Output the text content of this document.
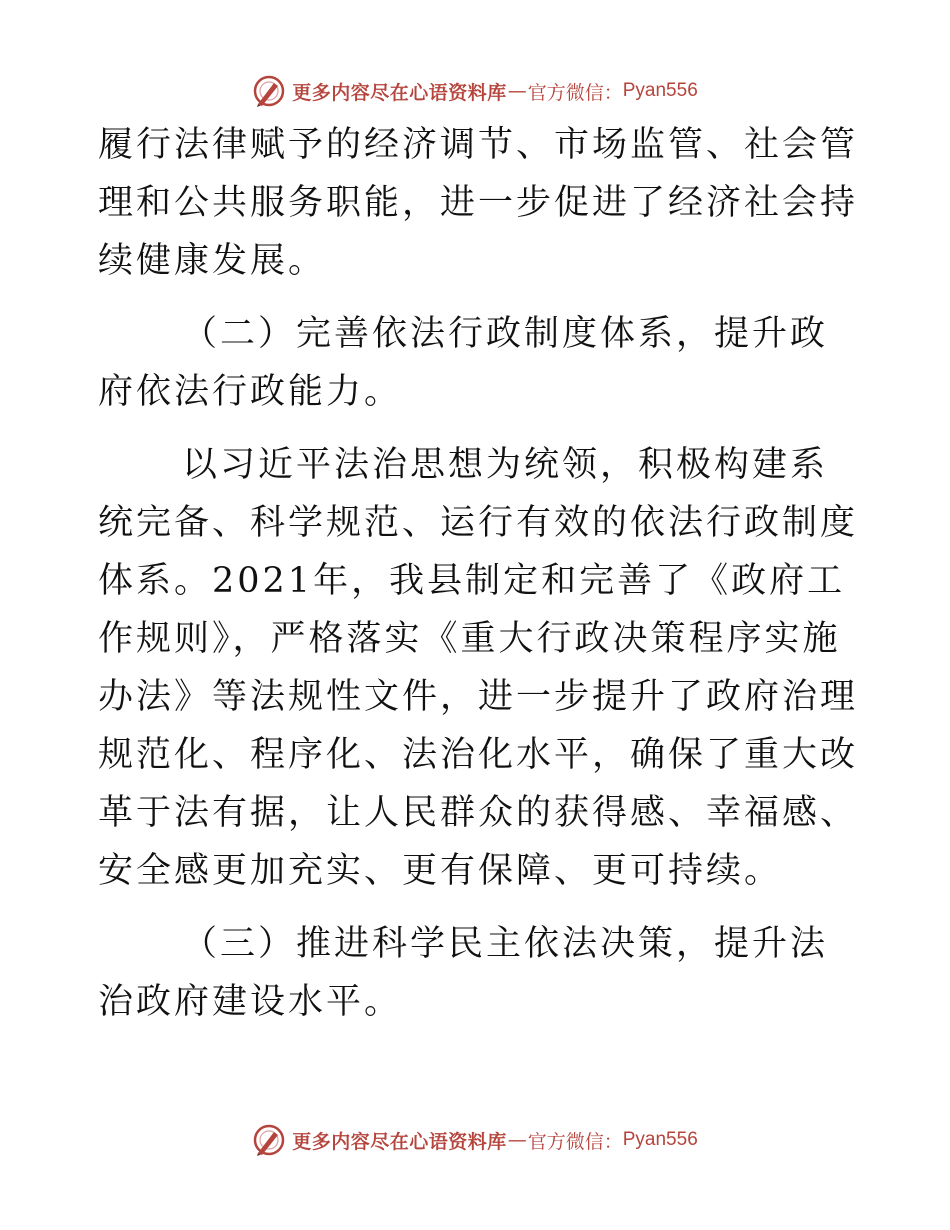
更多内容尽在心语资料库 — 官方微信： Pyan556

履行法律赋予的经济调节、市场监管、社会管理和公共服务职能，进一步促进了经济社会持续健康发展。

（二）完善依法行政制度体系，提升政府依法行政能力。

以习近平法治思想为统领，积极构建系统完备、科学规范、运行有效的依法行政制度体系。2021年，我县制定和完善了《政府工作规则》，严格落实《重大行政决策程序实施办法》等法规性文件，进一步提升了政府治理规范化、程序化、法治化水平，确保了重大改革于法有据，让人民群众的获得感、幸福感、安全感更加充实、更有保障、更可持续。

（三）推进科学民主依法决策，提升法治政府建设水平。

更多内容尽在心语资料库 — 官方微信： Pyan556
